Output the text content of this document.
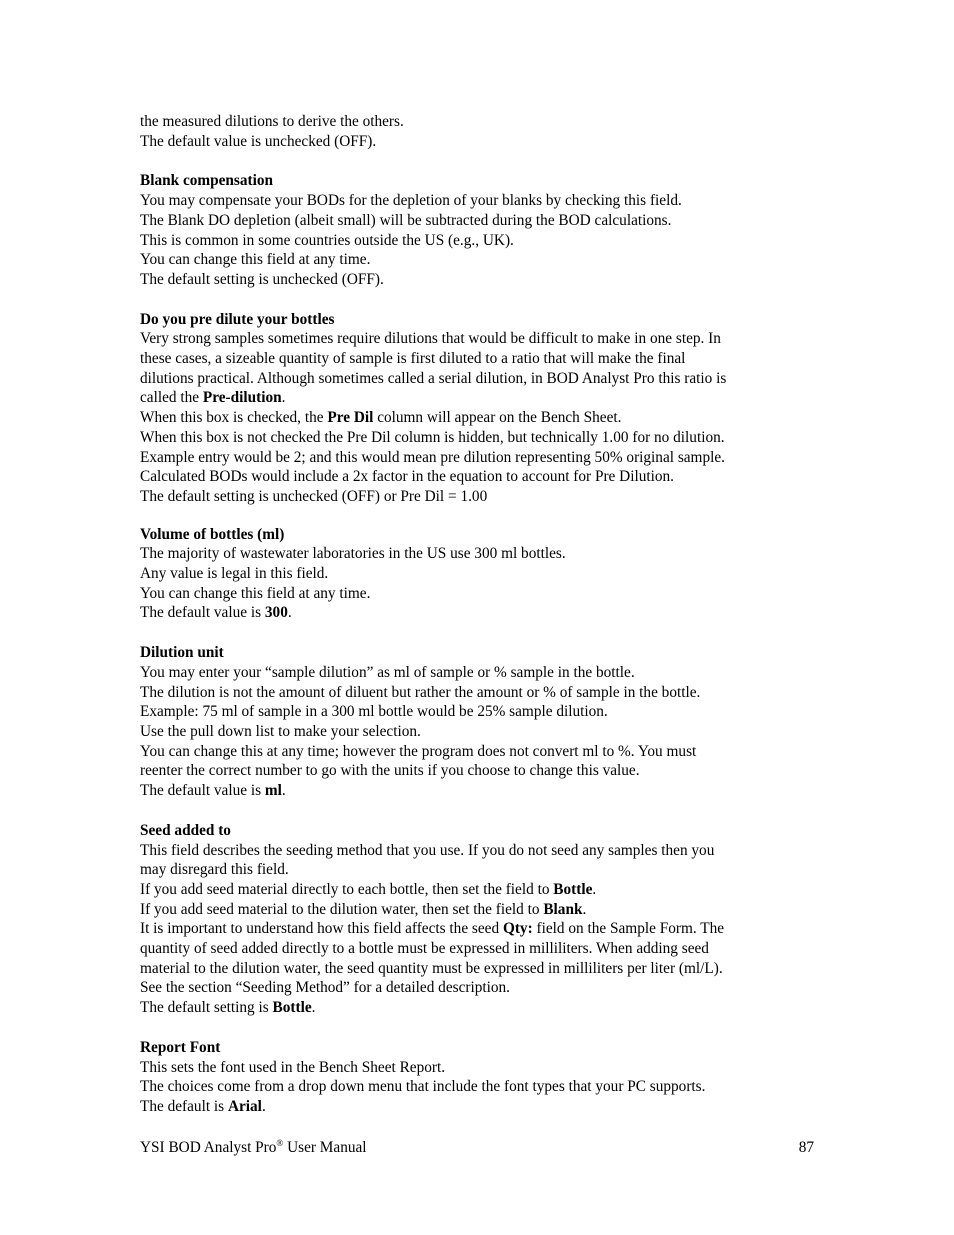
the measured dilutions to derive the others.
The default value is unchecked (OFF).
Blank compensation
You may compensate your BODs for the depletion of your blanks by checking this field.
The Blank DO depletion (albeit small) will be subtracted during the BOD calculations.
This is common in some countries outside the US (e.g., UK).
You can change this field at any time.
The default setting is unchecked (OFF).
Do you pre dilute your bottles
Very strong samples sometimes require dilutions that would be difficult to make in one step. In
these cases, a sizeable quantity of sample is first diluted to a ratio that will make the final
dilutions practical. Although sometimes called a serial dilution, in BOD Analyst Pro this ratio is
called the Pre-dilution.
When this box is checked, the Pre Dil column will appear on the Bench Sheet.
When this box is not checked the Pre Dil column is hidden, but technically 1.00 for no dilution.
Example entry would be 2; and this would mean pre dilution representing 50% original sample.
Calculated BODs would include a 2x factor in the equation to account for Pre Dilution.
The default setting is unchecked (OFF) or Pre Dil = 1.00
Volume of bottles (ml)
The majority of wastewater laboratories in the US use 300 ml bottles.
Any value is legal in this field.
You can change this field at any time.
The default value is 300.
Dilution unit
You may enter your “sample dilution” as ml of sample or % sample in the bottle.
The dilution is not the amount of diluent but rather the amount or % of sample in the bottle.
Example: 75 ml of sample in a 300 ml bottle would be 25% sample dilution.
Use the pull down list to make your selection.
You can change this at any time; however the program does not convert ml to %. You must
reenter the correct number to go with the units if you choose to change this value.
The default value is ml.
Seed added to
This field describes the seeding method that you use. If you do not seed any samples then you
may disregard this field.
If you add seed material directly to each bottle, then set the field to Bottle.
If you add seed material to the dilution water, then set the field to Blank.
It is important to understand how this field affects the seed Qty: field on the Sample Form. The
quantity of seed added directly to a bottle must be expressed in milliliters. When adding seed
material to the dilution water, the seed quantity must be expressed in milliliters per liter (ml/L).
See the section “Seeding Method” for a detailed description.
The default setting is Bottle.
Report Font
This sets the font used in the Bench Sheet Report.
The choices come from a drop down menu that include the font types that your PC supports.
The default is Arial.
YSI BOD Analyst Pro® User Manual	87
